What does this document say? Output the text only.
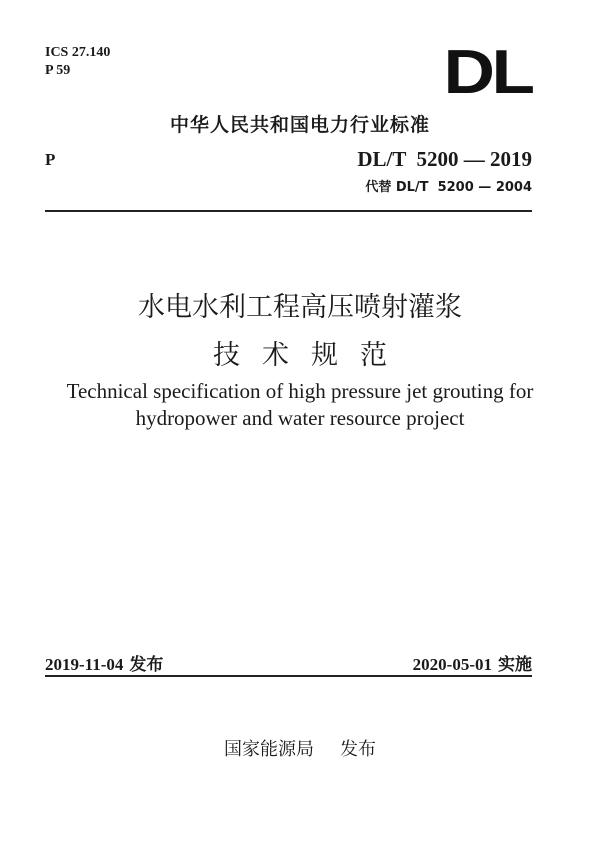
ICS 27.140
P 59	DL
中华人民共和国电力行业标准
P	DL/T  5200 — 2019
代替 DL/T  5200 — 2004
水电水利工程高压喷射灌浆
技术规范
Technical specification of high pressure jet grouting for
hydropower and water resource project
2019-11-04 发布	2020-05-01 实施
国家能源局 发布
